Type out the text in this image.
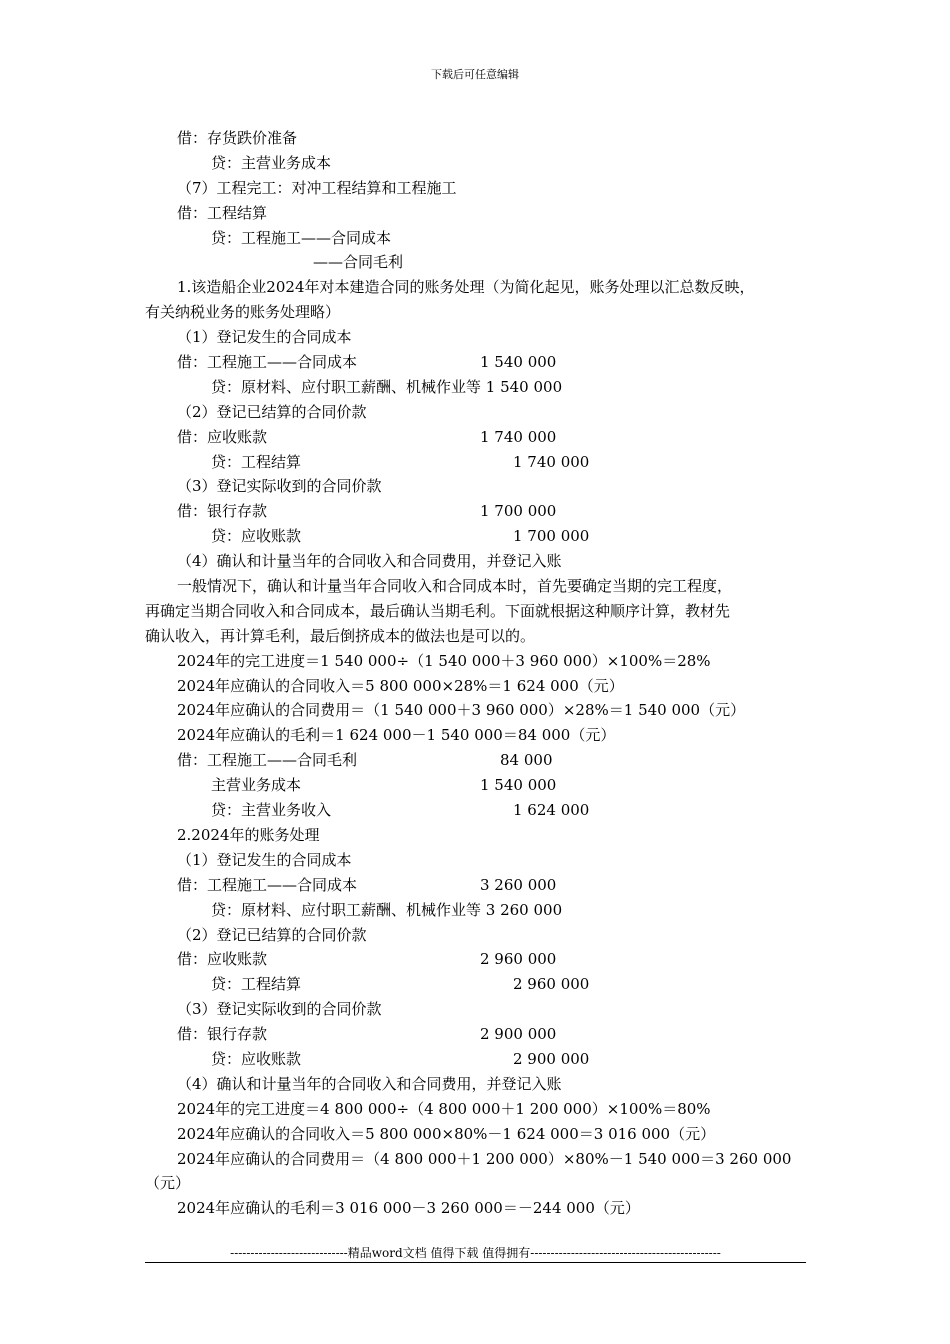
下载后可任意编辑
借：存货跌价准备
贷：主营业务成本
（7）工程完工：对冲工程结算和工程施工
借：工程结算
贷：工程施工——合同成本
——合同毛利
1.该造船企业2024年对本建造合同的账务处理（为简化起见，账务处理以汇总数反映，
有关纳税业务的账务处理略）
（1）登记发生的合同成本
借：工程施工——合同成本	1 540 000
贷：原材料、应付职工薪酬、机械作业等 1 540 000
（2）登记已结算的合同价款
借：应收账款	1 740 000
贷：工程结算	1 740 000
（3）登记实际收到的合同价款
借：银行存款	1 700 000
贷：应收账款	1 700 000
（4）确认和计量当年的合同收入和合同费用，并登记入账
一般情况下，确认和计量当年合同收入和合同成本时，首先要确定当期的完工程度，
再确定当期合同收入和合同成本，最后确认当期毛利。下面就根据这种顺序计算，教材先
确认收入，再计算毛利，最后倒挤成本的做法也是可以的。
2024年的完工进度＝1 540 000÷（1 540 000＋3 960 000）×100%＝28%
2024年应确认的合同收入＝5 800 000×28%＝1 624 000（元）
2024年应确认的合同费用＝（1 540 000＋3 960 000）×28%＝1 540 000（元）
2024年应确认的毛利＝1 624 000－1 540 000＝84 000（元）
借：工程施工——合同毛利	84 000
主营业务成本	1 540 000
贷：主营业务收入	1 624 000
2.2024年的账务处理
（1）登记发生的合同成本
借：工程施工——合同成本	3 260 000
贷：原材料、应付职工薪酬、机械作业等 3 260 000
（2）登记已结算的合同价款
借：应收账款	2 960 000
贷：工程结算	2 960 000
（3）登记实际收到的合同价款
借：银行存款	2 900 000
贷：应收账款	2 900 000
（4）确认和计量当年的合同收入和合同费用，并登记入账
2024年的完工进度＝4 800 000÷（4 800 000＋1 200 000）×100%＝80%
2024年应确认的合同收入＝5 800 000×80%－1 624 000＝3 016 000（元）
2024年应确认的合同费用＝（4 800 000＋1 200 000）×80%－1 540 000＝3 260 000
（元）
2024年应确认的毛利＝3 016 000－3 260 000＝－244 000（元）
-----------------------------精品word文档 值得下载 值得拥有-----------------------------------------------
